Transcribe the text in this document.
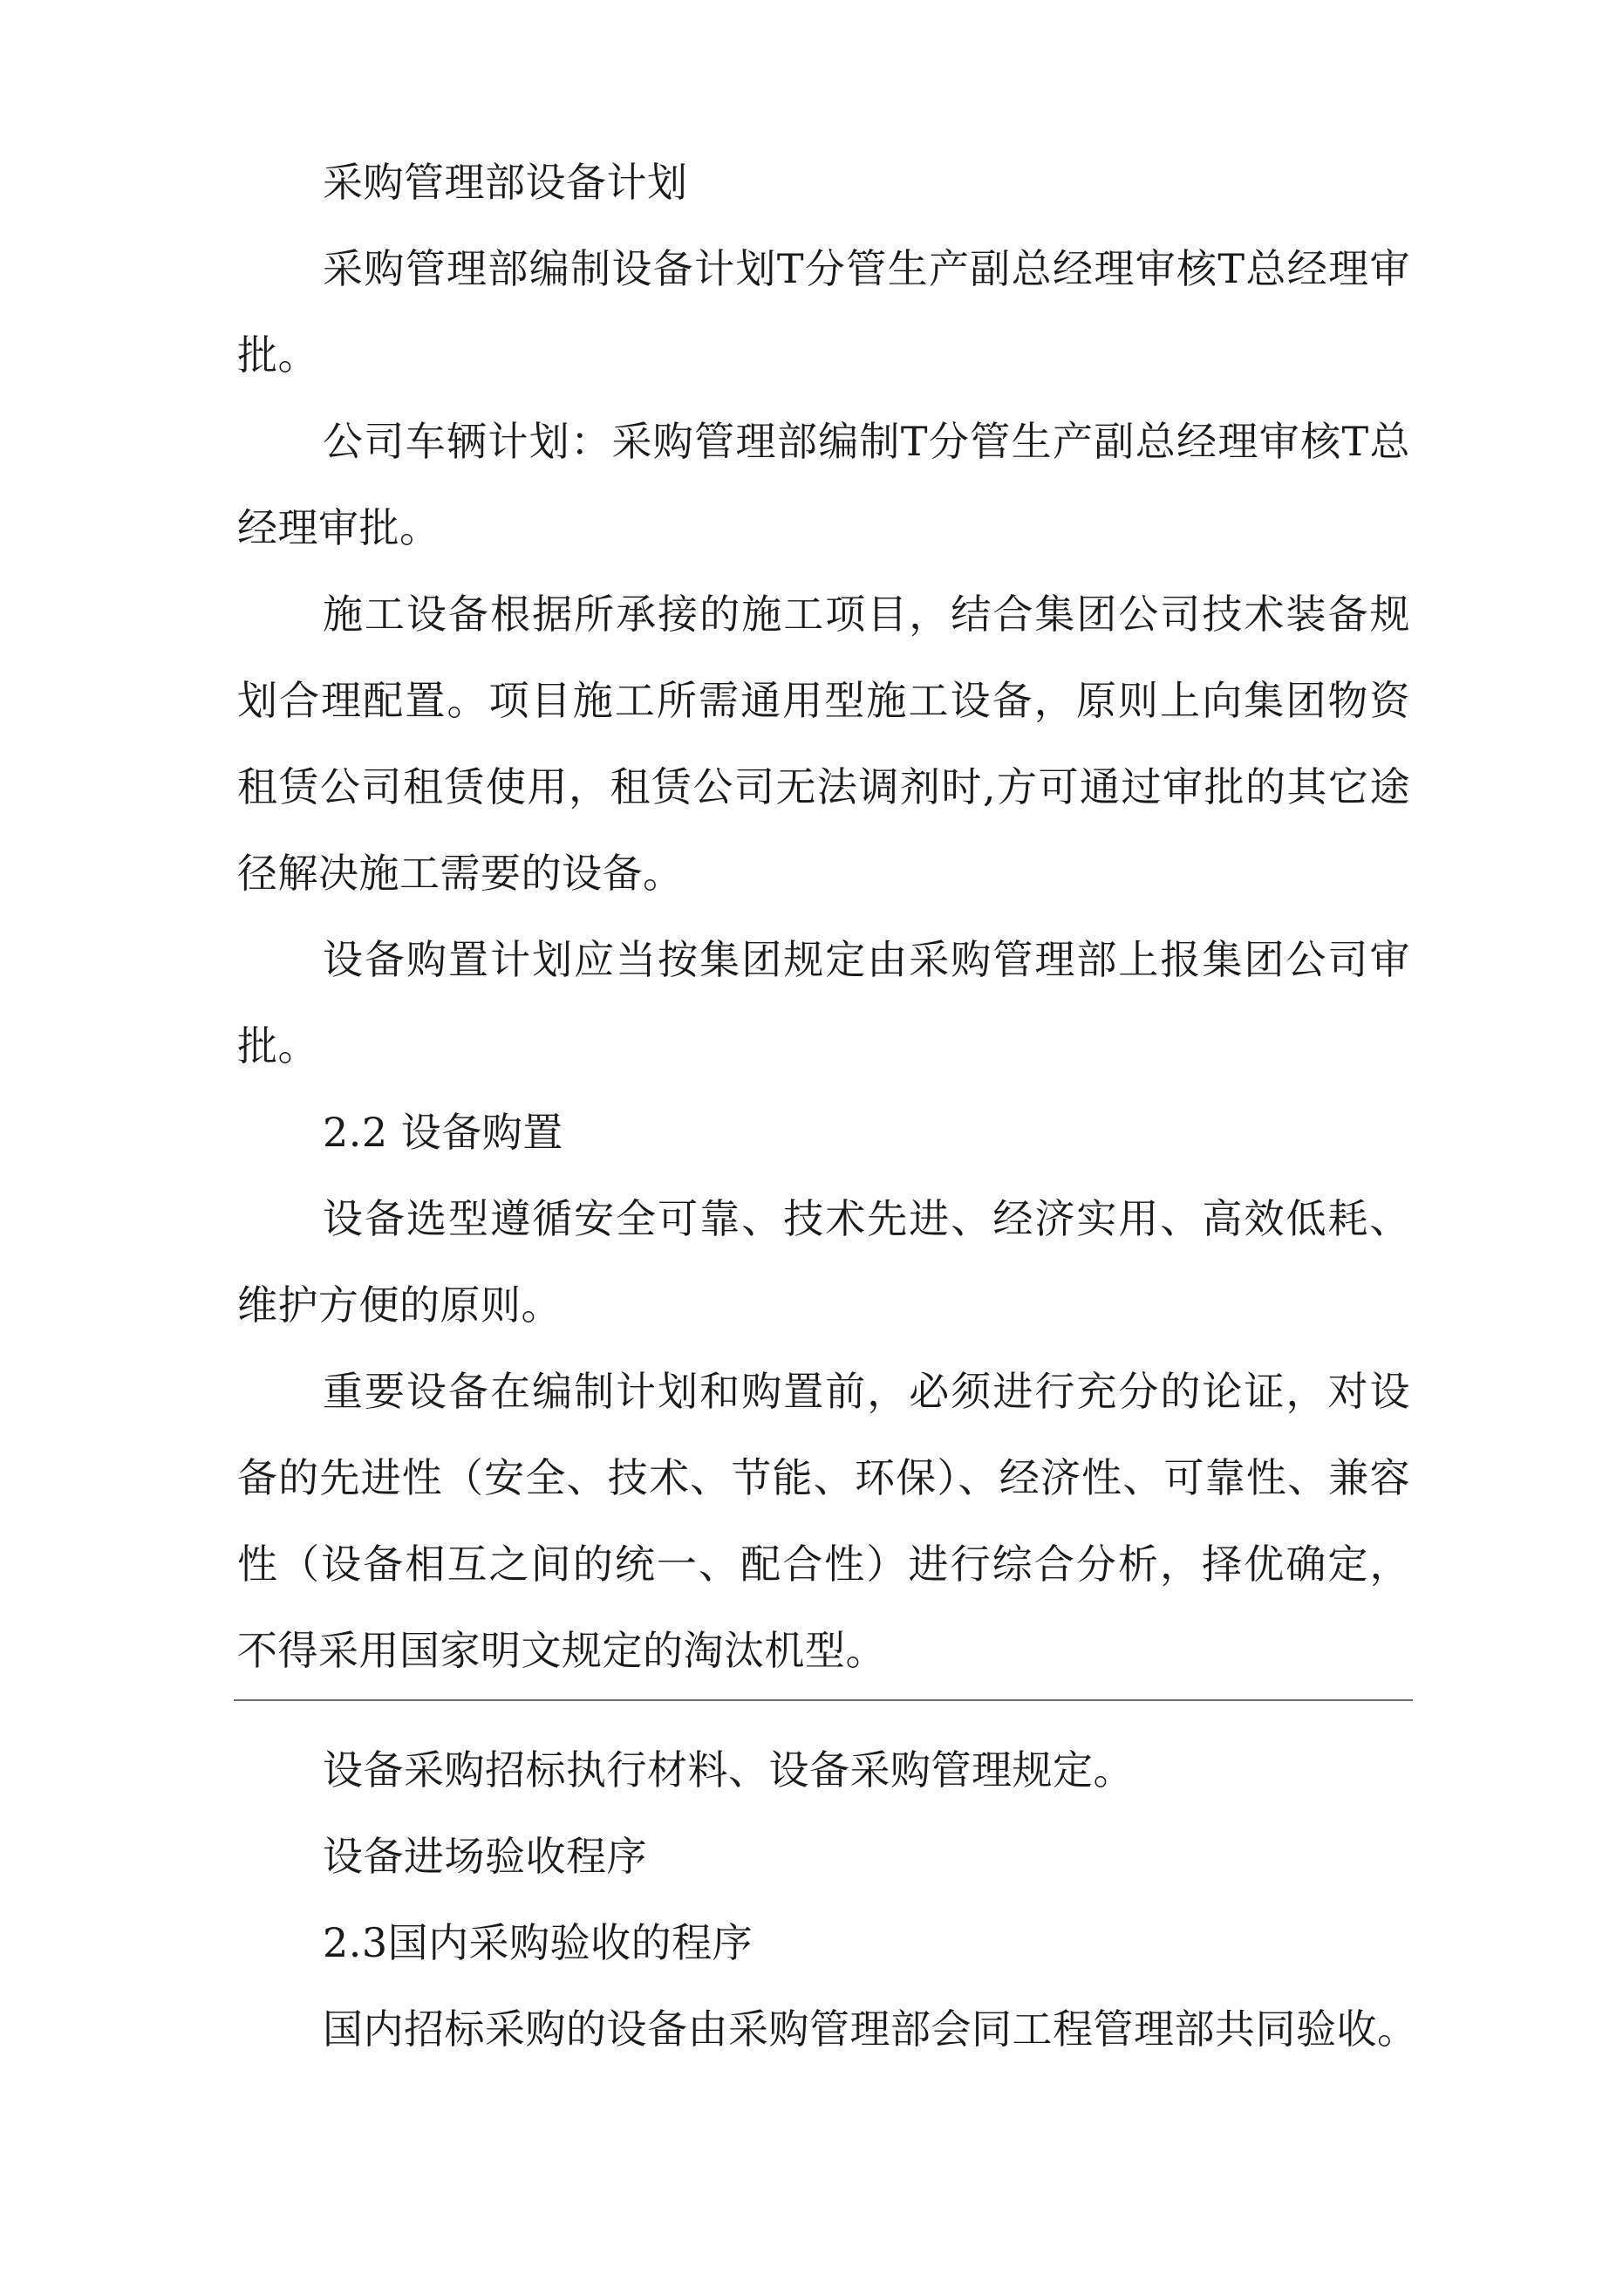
采购管理部设备计划

采购管理部编制设备计划T分管生产副总经理审核T总经理审批。

公司车辆计划：采购管理部编制T分管生产副总经理审核T总经理审批。

施工设备根据所承接的施工项目，结合集团公司技术装备规划合理配置。项目施工所需通用型施工设备，原则上向集团物资租赁公司租赁使用，租赁公司无法调剂时,方可通过审批的其它途径解决施工需要的设备。

设备购置计划应当按集团规定由采购管理部上报集团公司审批。

2.2 设备购置

设备选型遵循安全可靠、技术先进、经济实用、高效低耗、维护方便的原则。

重要设备在编制计划和购置前，必须进行充分的论证，对设备的先进性（安全、技术、节能、环保）、经济性、可靠性、兼容性（设备相互之间的统一、配合性）进行综合分析，择优确定，不得采用国家明文规定的淘汰机型。

设备采购招标执行材料、设备采购管理规定。

设备进场验收程序

2.3国内采购验收的程序

国内招标采购的设备由采购管理部会同工程管理部共同验收。
